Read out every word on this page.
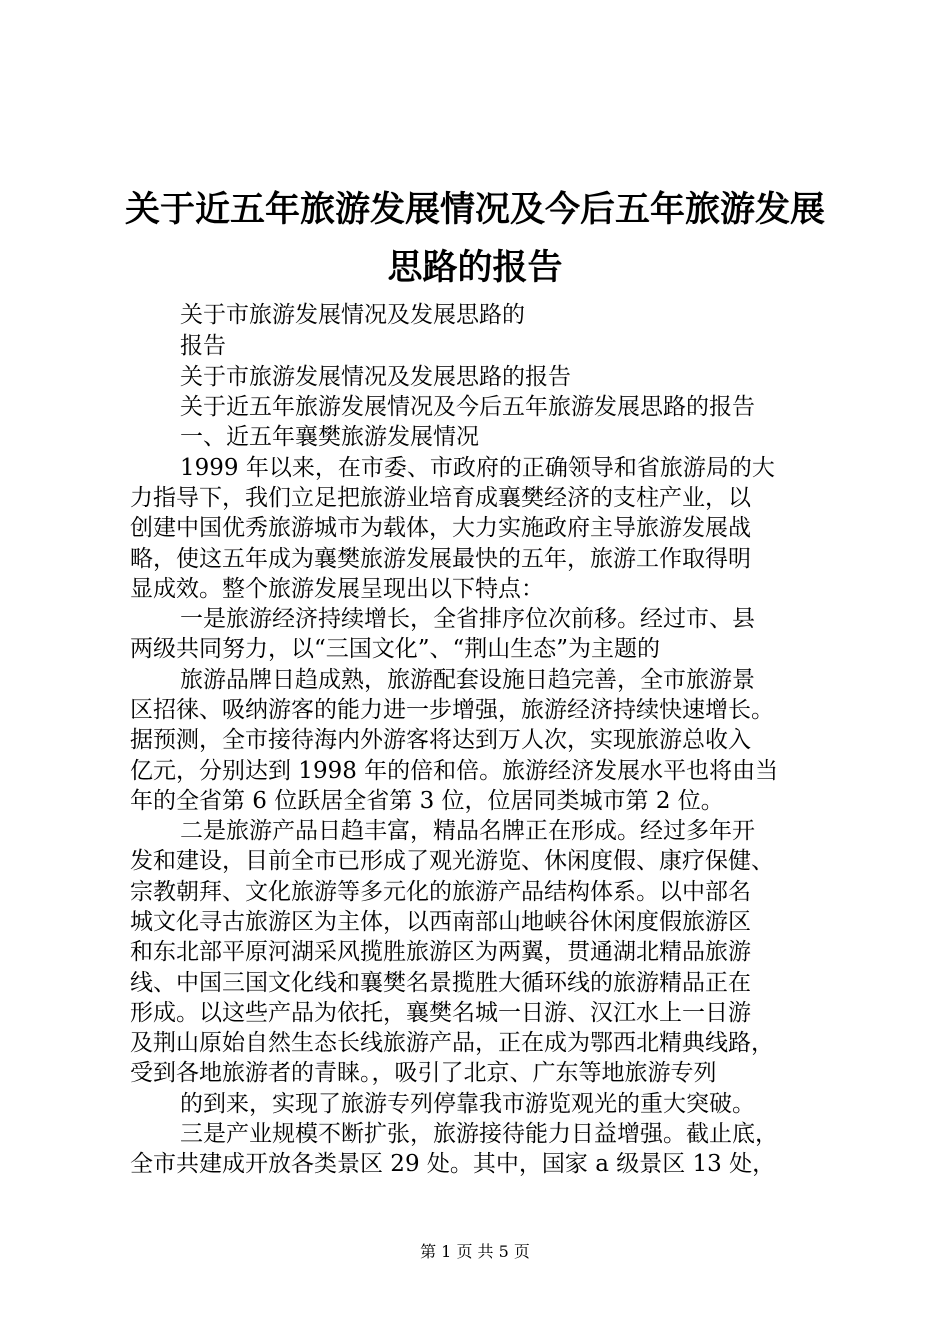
关于近五年旅游发展情况及今后五年旅游发展
思路的报告

关于市旅游发展情况及发展思路的

报告

关于市旅游发展情况及发展思路的报告

关于近五年旅游发展情况及今后五年旅游发展思路的报告

一、近五年襄樊旅游发展情况

1999 年以来，在市委、市政府的正确领导和省旅游局的大

力指导下，我们立足把旅游业培育成襄樊经济的支柱产业，以

创建中国优秀旅游城市为载体，大力实施政府主导旅游发展战

略，使这五年成为襄樊旅游发展最快的五年，旅游工作取得明

显成效。整个旅游发展呈现出以下特点：

一是旅游经济持续增长，全省排序位次前移。经过市、县

两级共同努力，以“三国文化”、“荆山生态”为主题的

旅游品牌日趋成熟，旅游配套设施日趋完善，全市旅游景

区招徕、吸纳游客的能力进一步增强，旅游经济持续快速增长。

据预测，全市接待海内外游客将达到万人次，实现旅游总收入

亿元，分别达到 1998 年的倍和倍。旅游经济发展水平也将由当

年的全省第 6 位跃居全省第 3 位，位居同类城市第 2 位。

二是旅游产品日趋丰富，精品名牌正在形成。经过多年开

发和建设，目前全市已形成了观光游览、休闲度假、康疗保健、

宗教朝拜、文化旅游等多元化的旅游产品结构体系。以中部名

城文化寻古旅游区为主体，以西南部山地峡谷休闲度假旅游区

和东北部平原河湖采风揽胜旅游区为两翼，贯通湖北精品旅游

线、中国三国文化线和襄樊名景揽胜大循环线的旅游精品正在

形成。以这些产品为依托，襄樊名城一日游、汉江水上一日游

及荆山原始自然生态长线旅游产品，正在成为鄂西北精典线路，

受到各地旅游者的青睐。，吸引了北京、广东等地旅游专列

的到来，实现了旅游专列停靠我市游览观光的重大突破。

三是产业规模不断扩张，旅游接待能力日益增强。截止底，

全市共建成开放各类景区 29 处。其中，国家 a 级景区 13 处，

第 1 页 共 5 页
